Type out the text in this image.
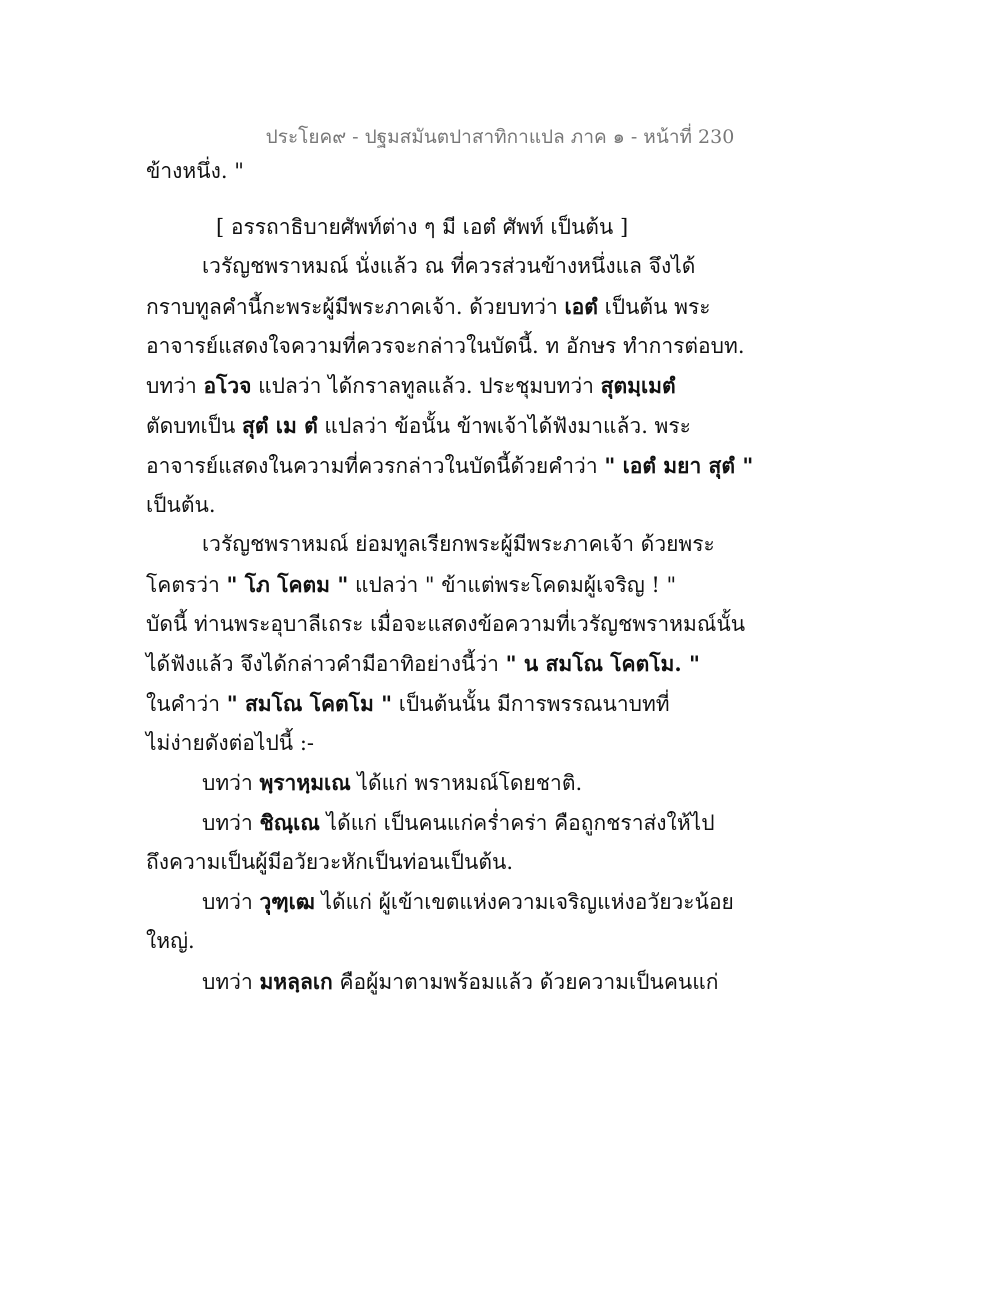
ประโยค๙ - ปฐมสมันตปาสาทิกาแปล ภาค ๑ - หน้าที่ 230
ข้างหนึ่ง. "
[ อรรถาธิบายศัพท์ต่าง ๆ มี เอตํ ศัพท์ เป็นต้น ]
เวรัญชพราหมณ์ นั่งแล้ว ณ ที่ควรส่วนข้างหนึ่งแล จึงได้
กราบทูลคำนี้กะพระผู้มีพระภาคเจ้า. ด้วยบทว่า เอตํ เป็นต้น พระ
อาจารย์แสดงใจความที่ควรจะกล่าวในบัดนี้. ท อักษร ทำการต่อบท.
บทว่า อโวจ แปลว่า ได้กราลทูลแล้ว. ประชุมบทว่า สุตมฺเมตํ
ตัดบทเป็น สุตํ เม ตํ แปลว่า ข้อนั้น ข้าพเจ้าได้ฟังมาแล้ว. พระ
อาจารย์แสดงในความที่ควรกล่าวในบัดนี้ด้วยคำว่า " เอตํ มยา สุตํ "
เป็นต้น.
เวรัญชพราหมณ์ ย่อมทูลเรียกพระผู้มีพระภาคเจ้า ด้วยพระ
โคตรว่า " โภ โคตม " แปลว่า " ข้าแต่พระโคดมผู้เจริญ ! "
บัดนี้ ท่านพระอุบาลีเถระ เมื่อจะแสดงข้อความที่เวรัญชพราหมณ์นั้น
ได้ฟังแล้ว จึงได้กล่าวคำมีอาทิอย่างนี้ว่า " น สมโณ โคตโม. "
ในคำว่า " สมโณ โคตโม " เป็นต้นนั้น มีการพรรณนาบทที่
ไม่ง่ายดังต่อไปนี้ :-
บทว่า พฺราหฺมเณ ได้แก่ พราหมณ์โดยชาติ.
บทว่า ชิณฺเณ ได้แก่ เป็นคนแก่คร่ำคร่า คือถูกชราส่งให้ไป
ถึงความเป็นผู้มีอวัยวะหักเป็นท่อนเป็นต้น.
บทว่า วุฑฺเฒ ได้แก่ ผู้เข้าเขตแห่งความเจริญแห่งอวัยวะน้อย
ใหญ่.
บทว่า มหลฺลเก คือผู้มาตามพร้อมแล้ว ด้วยความเป็นคนแก่
